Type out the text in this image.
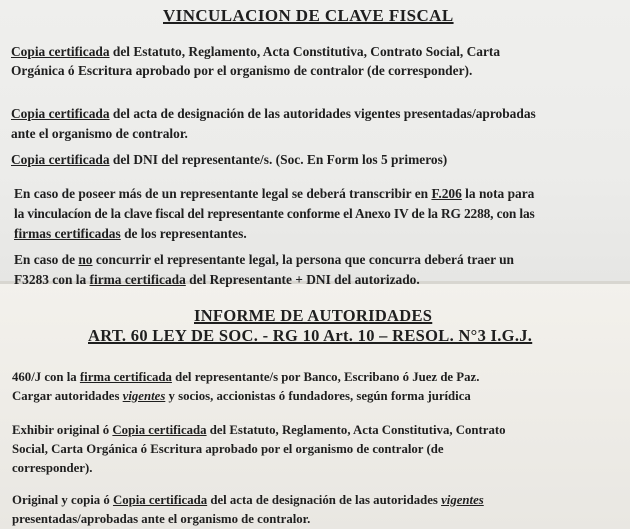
VINCULACION DE CLAVE FISCAL
Copia certificada del Estatuto, Reglamento, Acta Constitutiva, Contrato Social, Carta
Orgánica ó Escritura aprobado por el organismo de contralor (de corresponder).
Copia certificada del acta de designación de las autoridades vigentes presentadas/aprobadas
ante el organismo de contralor.
Copia certificada del DNI del representante/s. (Soc. En Form los 5 primeros)
En caso de poseer más de un representante legal se deberá transcribir en F.206 la nota para
la vinculacíon de la clave fiscal del representante conforme el Anexo IV de la RG 2288, con las
firmas certificadas de los representantes.
En caso de no concurrir el representante legal, la persona que concurra deberá traer un
F3283 con la firma certificada del Representante + DNI del autorizado.
INFORME DE AUTORIDADES
ART. 60 LEY DE SOC. - RG 10 Art. 10 – RESOL. N°3 I.G.J.
460/J con la firma certificada del representante/s por Banco, Escribano ó Juez de Paz.
Cargar autoridades vigentes y socios, accionistas ó fundadores, según forma jurídica
Exhibir original ó Copia certificada del Estatuto, Reglamento, Acta Constitutiva, Contrato
Social, Carta Orgánica ó Escritura aprobado por el organismo de contralor (de
corresponder).
Original y copia ó Copia certificada del acta de designación de las autoridades vigentes
presentadas/aprobadas ante el organismo de contralor.
